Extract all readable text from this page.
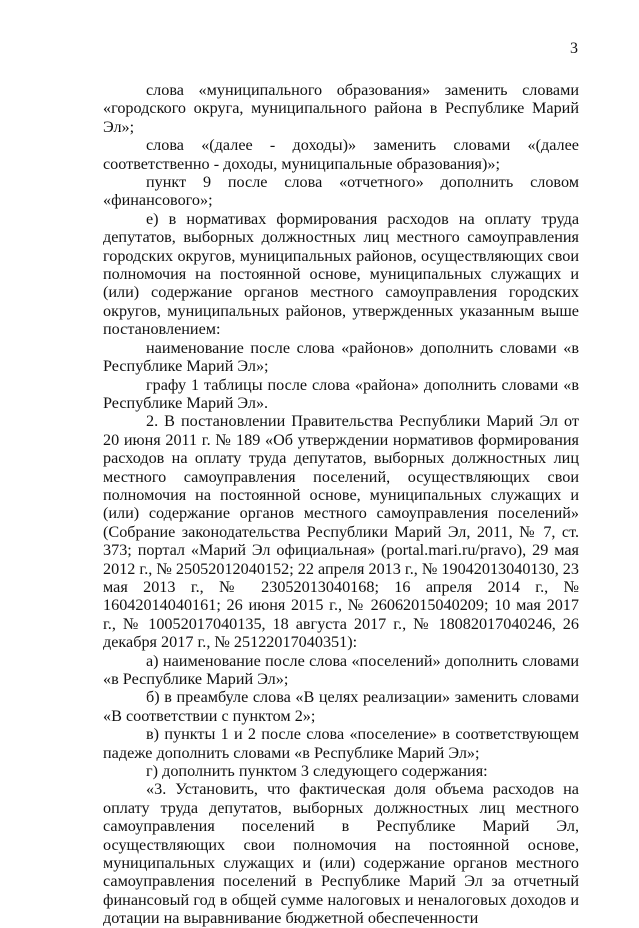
3

слова «муниципального образования» заменить словами «городского округа, муниципального района в Республике Марий Эл»;

слова «(далее - доходы)» заменить словами «(далее соответственно - доходы, муниципальные образования)»;

пункт 9 после слова «отчетного» дополнить словом «финансового»;

е) в нормативах формирования расходов на оплату труда депутатов, выборных должностных лиц местного самоуправления городских округов, муниципальных районов, осуществляющих свои полномочия на постоянной основе, муниципальных служащих и (или) содержание органов местного самоуправления городских округов, муниципальных районов, утвержденных указанным выше постановлением:

наименование после слова «районов» дополнить словами «в Республике Марий Эл»;

графу 1 таблицы после слова «района» дополнить словами «в Республике Марий Эл».

2. В постановлении Правительства Республики Марий Эл от 20 июня 2011 г. № 189 «Об утверждении нормативов формирования расходов на оплату труда депутатов, выборных должностных лиц местного самоуправления поселений, осуществляющих свои полномочия на постоянной основе, муниципальных служащих и (или) содержание органов местного самоуправления поселений» (Собрание законодательства Республики Марий Эл, 2011, № 7, ст. 373; портал «Марий Эл официальная» (portal.mari.ru/pravo), 29 мая 2012 г., № 25052012040152; 22 апреля 2013 г., № 19042013040130, 23 мая 2013 г., № 23052013040168; 16 апреля 2014 г., № 16042014040161; 26 июня 2015 г., № 26062015040209; 10 мая 2017 г., № 10052017040135, 18 августа 2017 г., № 18082017040246, 26 декабря 2017 г., № 25122017040351):

а) наименование после слова «поселений» дополнить словами «в Республике Марий Эл»;

б) в преамбуле слова «В целях реализации» заменить словами «В соответствии с пунктом 2»;

в) пункты 1 и 2 после слова «поселение» в соответствующем падеже дополнить словами «в Республике Марий Эл»;

г) дополнить пунктом 3 следующего содержания:

«3. Установить, что фактическая доля объема расходов на оплату труда депутатов, выборных должностных лиц местного самоуправления поселений в Республике Марий Эл, осуществляющих свои полномочия на постоянной основе, муниципальных служащих и (или) содержание органов местного самоуправления поселений в Республике Марий Эл за отчетный финансовый год в общей сумме налоговых и неналоговых доходов и дотации на выравнивание бюджетной обеспеченности
